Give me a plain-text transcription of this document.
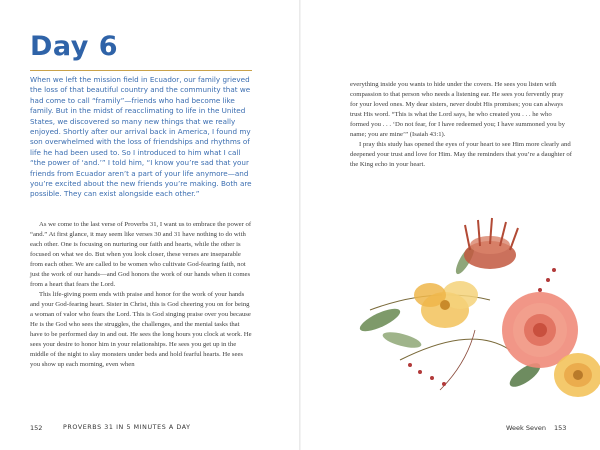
Day 6

When we left the mission field in Ecuador, our family grieved the loss of that beautiful country and the community that we had come to call “framily”—friends who had become like family. But in the midst of reacclimating to life in the United States, we discovered so many new things that we really enjoyed. Shortly after our arrival back in America, I found my son overwhelmed with the loss of friendships and rhythms of life he had been used to. So I introduced to him what I call “the power of ‘and.’” I told him, “I know you’re sad that your friends from Ecuador aren’t a part of your life anymore—and you’re excited about the new friends you’re making. Both are possible. They can exist alongside each other.”

As we come to the last verse of Proverbs 31, I want us to embrace the power of “and.” At first glance, it may seem like verses 30 and 31 have nothing to do with each other. One is focusing on nurturing our faith and hearts, while the other is focused on what we do. But when you look closer, these verses are inseparable from each other. We are called to be women who cultivate God-fearing faith, not just the work of our hands—and God honors the work of our hands when it comes from a heart that fears the Lord.

This life-giving poem ends with praise and honor for the work of your hands and your God-fearing heart. Sister in Christ, this is God cheering you on for being a woman of valor who fears the Lord. This is God singing praise over you because He is the God who sees the struggles, the challenges, and the menial tasks that have to be performed day in and out. He sees the long hours you clock at work. He sees your desire to honor him in your relationships. He sees you get up in the middle of the night to slay monsters under beds and hold fearful hearts. He sees you show up each morning, even when

152	PROVERBS 31 IN 5 MINUTES A DAY

everything inside you wants to hide under the covers. He sees you listen with compassion to that person who needs a listening ear. He sees you fervently pray for your loved ones. My dear sisters, never doubt His promises; you can always trust His word. “This is what the Lord says, he who created you . . . he who formed you . . . ‘Do not fear, for I have redeemed you; I have summoned you by name; you are mine’” (Isaiah 43:1).

I pray this study has opened the eyes of your heart to see Him more clearly and deepened your trust and love for Him. May the reminders that you’re a daughter of the King echo in your heart.

Week Seven 153
